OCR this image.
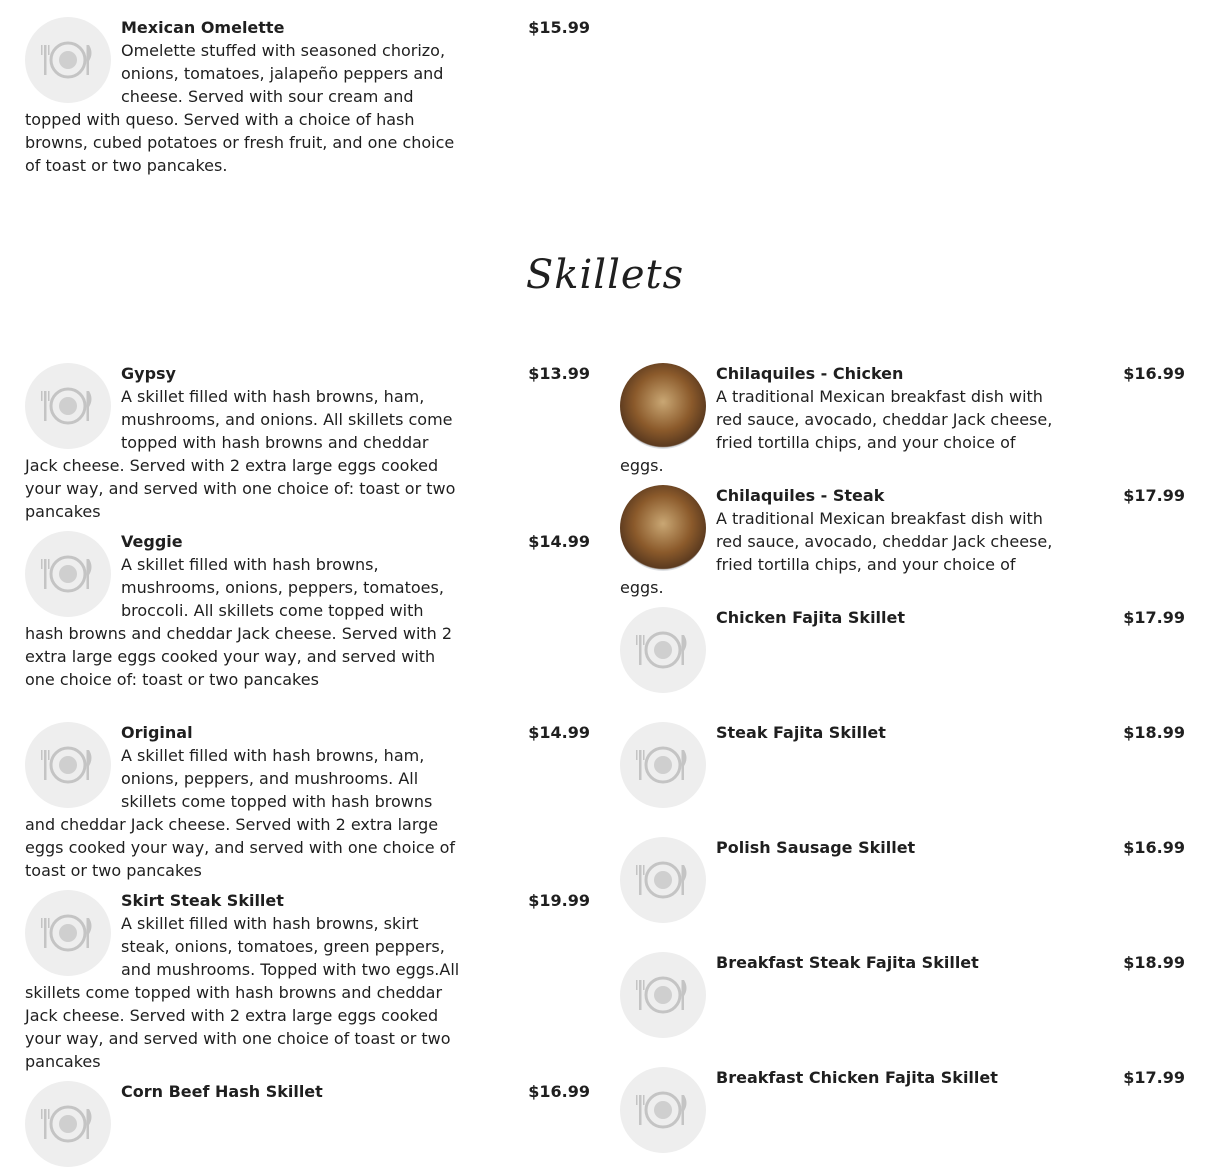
Mexican Omelette
Omelette stuffed with seasoned chorizo, onions, tomatoes, jalapeño peppers and cheese. Served with sour cream and topped with queso. Served with a choice of hash browns, cubed potatoes or fresh fruit, and one choice of toast or two pancakes.
$15.99
Skillets
Gypsy
A skillet filled with hash browns, ham, mushrooms, and onions. All skillets come topped with hash browns and cheddar Jack cheese. Served with 2 extra large eggs cooked your way, and served with one choice of: toast or two pancakes
$13.99
Veggie
A skillet filled with hash browns, mushrooms, onions, peppers, tomatoes, broccoli. All skillets come topped with hash browns and cheddar Jack cheese. Served with 2 extra large eggs cooked your way, and served with one choice of: toast or two pancakes
$14.99
Original
A skillet filled with hash browns, ham, onions, peppers, and mushrooms. All skillets come topped with hash browns and cheddar Jack cheese. Served with 2 extra large eggs cooked your way, and served with one choice of toast or two pancakes
$14.99
Skirt Steak Skillet
A skillet filled with hash browns, skirt steak, onions, tomatoes, green peppers, and mushrooms. Topped with two eggs.All skillets come topped with hash browns and cheddar Jack cheese. Served with 2 extra large eggs cooked your way, and served with one choice of toast or two pancakes
$19.99
Corn Beef Hash Skillet	$16.99
Chilaquiles - Chicken
A traditional Mexican breakfast dish with red sauce, avocado, cheddar Jack cheese, fried tortilla chips, and your choice of eggs.
$16.99
Chilaquiles - Steak
A traditional Mexican breakfast dish with red sauce, avocado, cheddar Jack cheese, fried tortilla chips, and your choice of eggs.
$17.99
Chicken Fajita Skillet	$17.99
Steak Fajita Skillet	$18.99
Polish Sausage Skillet	$16.99
Breakfast Steak Fajita Skillet	$18.99
Breakfast Chicken Fajita Skillet	$17.99
